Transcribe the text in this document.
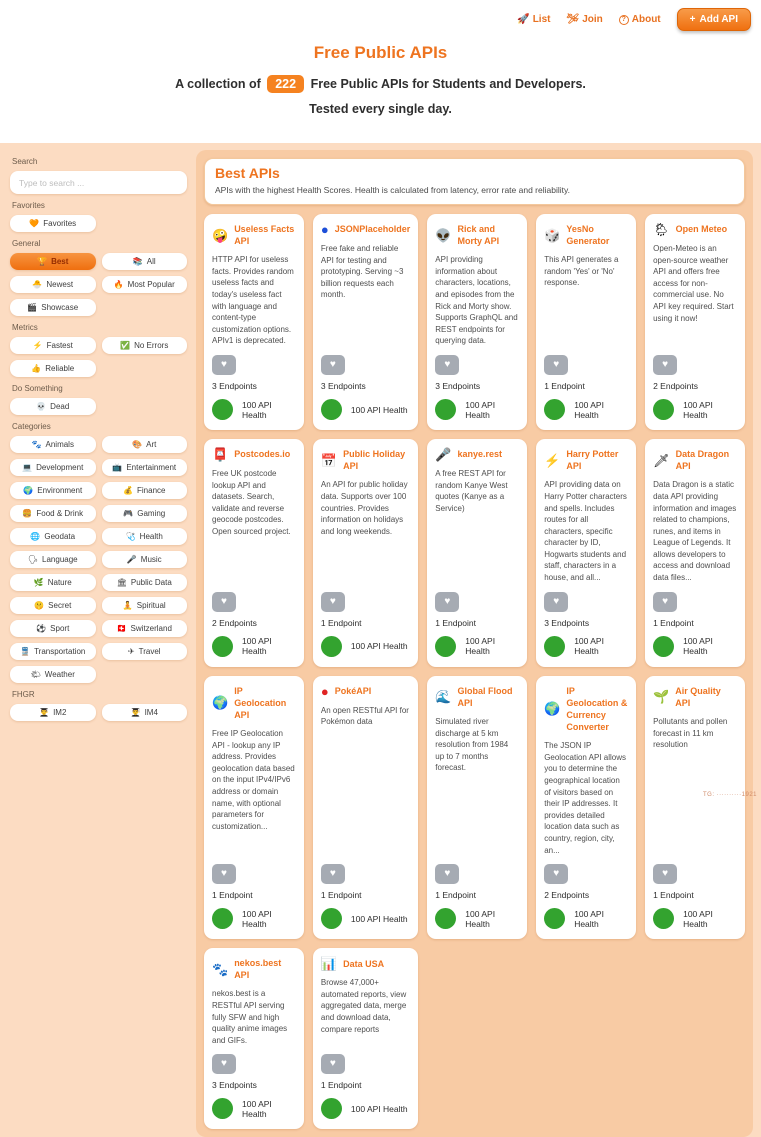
🚀 List 🛩 Join	? About	+ Add API
Free Public APIs
A collection of 222 Free Public APIs for Students and Developers.
Tested every single day.
Search
Type to search ...
Favorites
🧡 Favorites
General
🏆 Best	📚 All
🐣 Newest	🔥 Most Popular
🎬 Showcase
Metrics
⚡ Fastest	✅ No Errors
👍 Reliable
Do Something
💀 Dead
Categories
🐾 Animals	🎨 Art
💻 Development	📺 Entertainment
🌍 Environment	💰 Finance
🍔 Food & Drink	🎮 Gaming
🌐 Geodata	🩺 Health
🗣 Language	🎤 Music
🌿 Nature	🏛 Public Data
🤫 Secret	🧘 Spiritual
⚽ Sport	🇨🇭 Switzerland
🚆 Transportation	✈ Travel
🌤 Weather
FHGR
👨‍🎓 IM2	👨‍🎓 IM4
Best APIs

APIs with the highest Health Scores. Health is calculated from latency, error rate and reliability.

🤪 Useless Facts API
HTTP API for useless facts. Provides random useless facts and today's useless fact with language and content-type customization options. APIv1 is deprecated.
♥
3 Endpoints
100 API Health
● JSONPlaceholder
Free fake and reliable API for testing and prototyping. Serving ~3 billion requests each month.
♥
3 Endpoints
100 API Health
👽 Rick and Morty API
API providing information about characters, locations, and episodes from the Rick and Morty show. Supports GraphQL and REST endpoints for querying data.
♥
3 Endpoints
100 API Health
🎲 YesNo Generator
This API generates a random 'Yes' or 'No' response.
♥
1 Endpoint
100 API Health
🌦 Open Meteo
Open-Meteo is an open-source weather API and offers free access for non-commercial use. No API key required. Start using it now!
♥
2 Endpoints
100 API Health
📮 Postcodes.io
Free UK postcode lookup API and datasets. Search, validate and reverse geocode postcodes. Open sourced project.
♥
2 Endpoints
100 API Health
📅 Public Holiday API
An API for public holiday data. Supports over 100 countries. Provides information on holidays and long weekends.
♥
1 Endpoint
100 API Health
🎤 kanye.rest
A free REST API for random Kanye West quotes (Kanye as a Service)
♥
1 Endpoint
100 API Health
⚡ Harry Potter API
API providing data on Harry Potter characters and spells. Includes routes for all characters, specific character by ID, Hogwarts students and staff, characters in a house, and all...
♥
3 Endpoints
100 API Health
🗡 Data Dragon API
Data Dragon is a static data API providing information and images related to champions, runes, and items in League of Legends. It allows developers to access and download data files...
♥
1 Endpoint
100 API Health
🌍
IP Geolocation API
Free IP Geolocation API - lookup any IP address. Provides geolocation data based on the input IPv4/IPv6 address or domain name, with optional parameters for customization...
♥
1 Endpoint
100 API Health
● PokéAPI
An open RESTful API for Pokémon data
♥
1 Endpoint
100 API Health
🌊 Global Flood API
Simulated river discharge at 5 km resolution from 1984 up to 7 months forecast.
♥
1 Endpoint
100 API Health
🌍
IP Geolocation & Currency Converter
The JSON IP Geolocation API allows you to determine the geographical location of visitors based on their IP addresses. It provides detailed location data such as country, region, city, an...
♥
2 Endpoints
100 API Health
🌱 Air Quality API
Pollutants and pollen forecast in 11 km resolution
♥
1 Endpoint
100 API Health
🐾 nekos.best API
nekos.best is a RESTful API serving fully SFW and high quality anime images and GIFs.
♥
3 Endpoints
100 API Health
📊 Data USA
Browse 47,000+ automated reports, view aggregated data, merge and download data, compare reports
♥
1 Endpoint
100 API Health
TG: ··········1921
